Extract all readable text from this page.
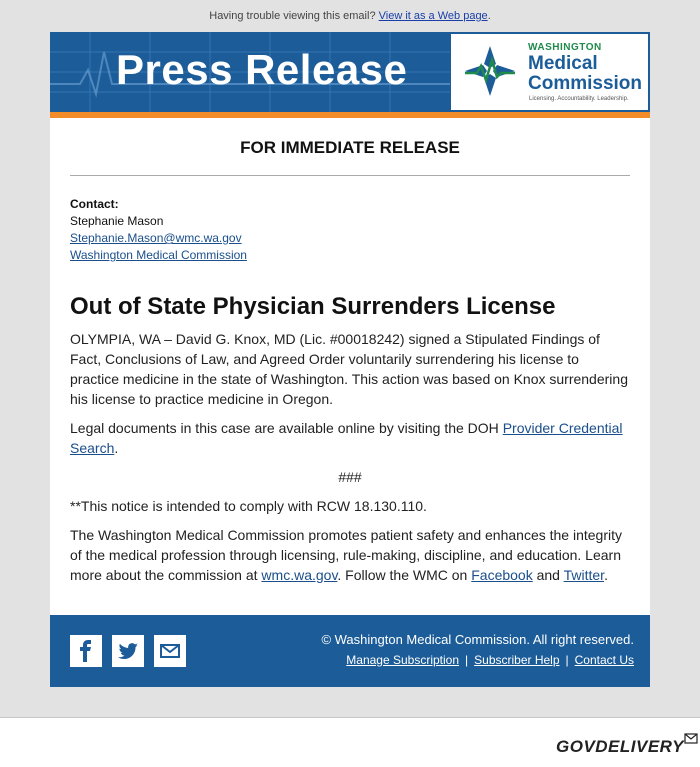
Having trouble viewing this email? View it as a Web page.
Press Release	WASHINGTON
Medical
Commission
Licensing. Accountability. Leadership.
FOR IMMEDIATE RELEASE
Contact:
Stephanie Mason
Stephanie.Mason@wmc.wa.gov
Washington Medical Commission
Out of State Physician Surrenders License

OLYMPIA, WA – David G. Knox, MD (Lic. #00018242) signed a Stipulated Findings of Fact, Conclusions of Law, and Agreed Order voluntarily surrendering his license to practice medicine in the state of Washington. This action was based on Knox surrendering his license to practice medicine in Oregon.

Legal documents in this case are available online by visiting the DOH Provider Credential Search.

###

**This notice is intended to comply with RCW 18.130.110.

The Washington Medical Commission promotes patient safety and enhances the integrity of the medical profession through licensing, rule-making, discipline, and education. Learn more about the commission at wmc.wa.gov. Follow the WMC on Facebook and Twitter.

© Washington Medical Commission. All right reserved.
Manage Subscription | Subscriber Help | Contact Us
GOVDELIVERY
